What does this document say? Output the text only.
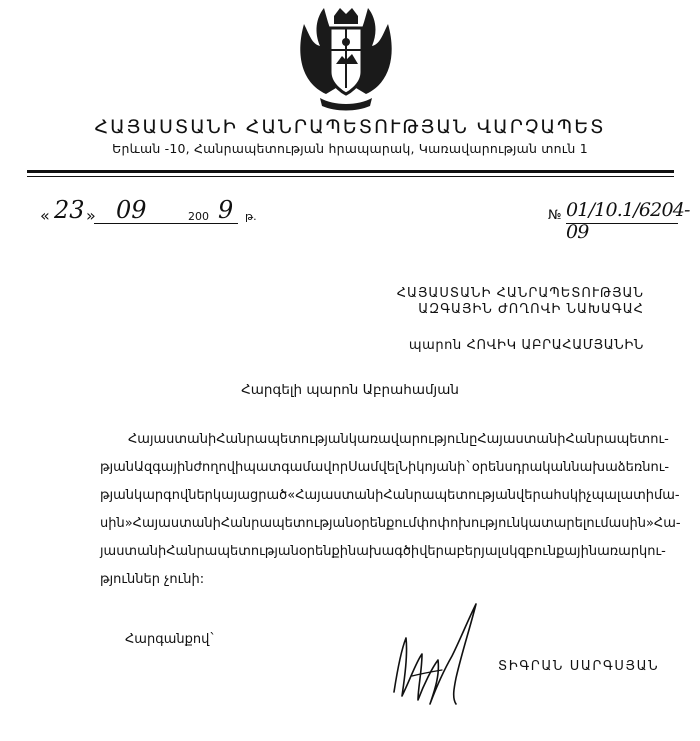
ՀԱՅԱՍՏԱՆԻ ՀԱՆՐԱՊԵՏՈՒԹՅԱՆ ՎԱՐՉԱՊԵՏ
Երևան -10, Հանրապետության հրապարակ, Կառավարության տուն 1
« 23 » 09	200 9 թ.	№ 01/10.1/6204-09
ՀԱՅԱՍՏԱՆԻ ՀԱՆՐԱՊԵՏՈՒԹՅԱՆ
ԱԶԳԱՅԻՆ ԺՈՂՈՎԻ ՆԱԽԱԳԱՀ
պարոն ՀՈՎԻԿ ԱԲՐԱՀԱՄՅԱՆԻՆ
Հարգելի պարոն Աբրահամյան
Հայաստանի Հանրապետության կառավարությունը Հայաստանի Հանրապետու-
թյան Ազգային ժողովի պատգամավոր Սամվել Նիկոյանի` օրենսդրական նախաձեռնու-
թյան կարգով ներկայացրած «Հայաստանի Հանրապետության վերահսկիչ պալատի մա-
սին» Հայաստանի Հանրապետության օրենքում փոփոխություն կատարելու մասին» Հա-
յաստանի Հանրապետության օրենքի նախագծի վերաբերյալ սկզբունքային առարկու-
թյուններ չունի:
Հարգանքով`
ՏԻԳՐԱՆ ՍԱՐԳՍՅԱՆ
